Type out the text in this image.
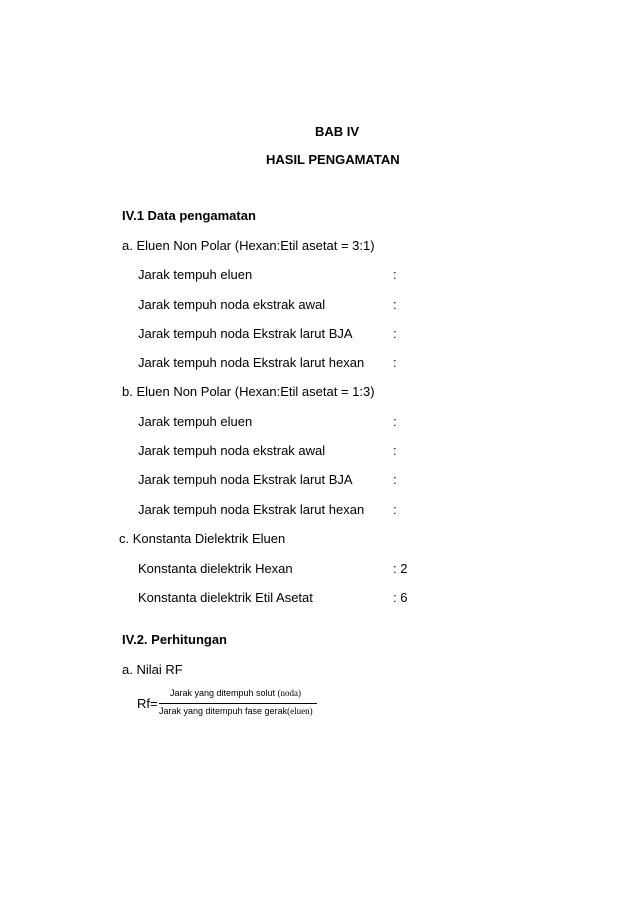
BAB IV
HASIL PENGAMATAN
IV.1 Data pengamatan
a. Eluen Non Polar (Hexan:Etil asetat = 3:1)
Jarak tempuh eluen	:
Jarak tempuh noda ekstrak awal	:
Jarak tempuh noda Ekstrak larut BJA	:
Jarak tempuh noda Ekstrak larut hexan :
b. Eluen Non Polar (Hexan:Etil asetat = 1:3)
Jarak tempuh eluen	:
Jarak tempuh noda ekstrak awal	:
Jarak tempuh noda Ekstrak larut BJA	:
Jarak tempuh noda Ekstrak larut hexan :
c. Konstanta Dielektrik Eluen
Konstanta dielektrik Hexan	: 2
Konstanta dielektrik Etil Asetat	: 6
IV.2. Perhitungan
a. Nilai RF
Rf=
Jarak yang ditempuh solut (noda)
Jarak yang ditempuh fase gerak(eluen)
